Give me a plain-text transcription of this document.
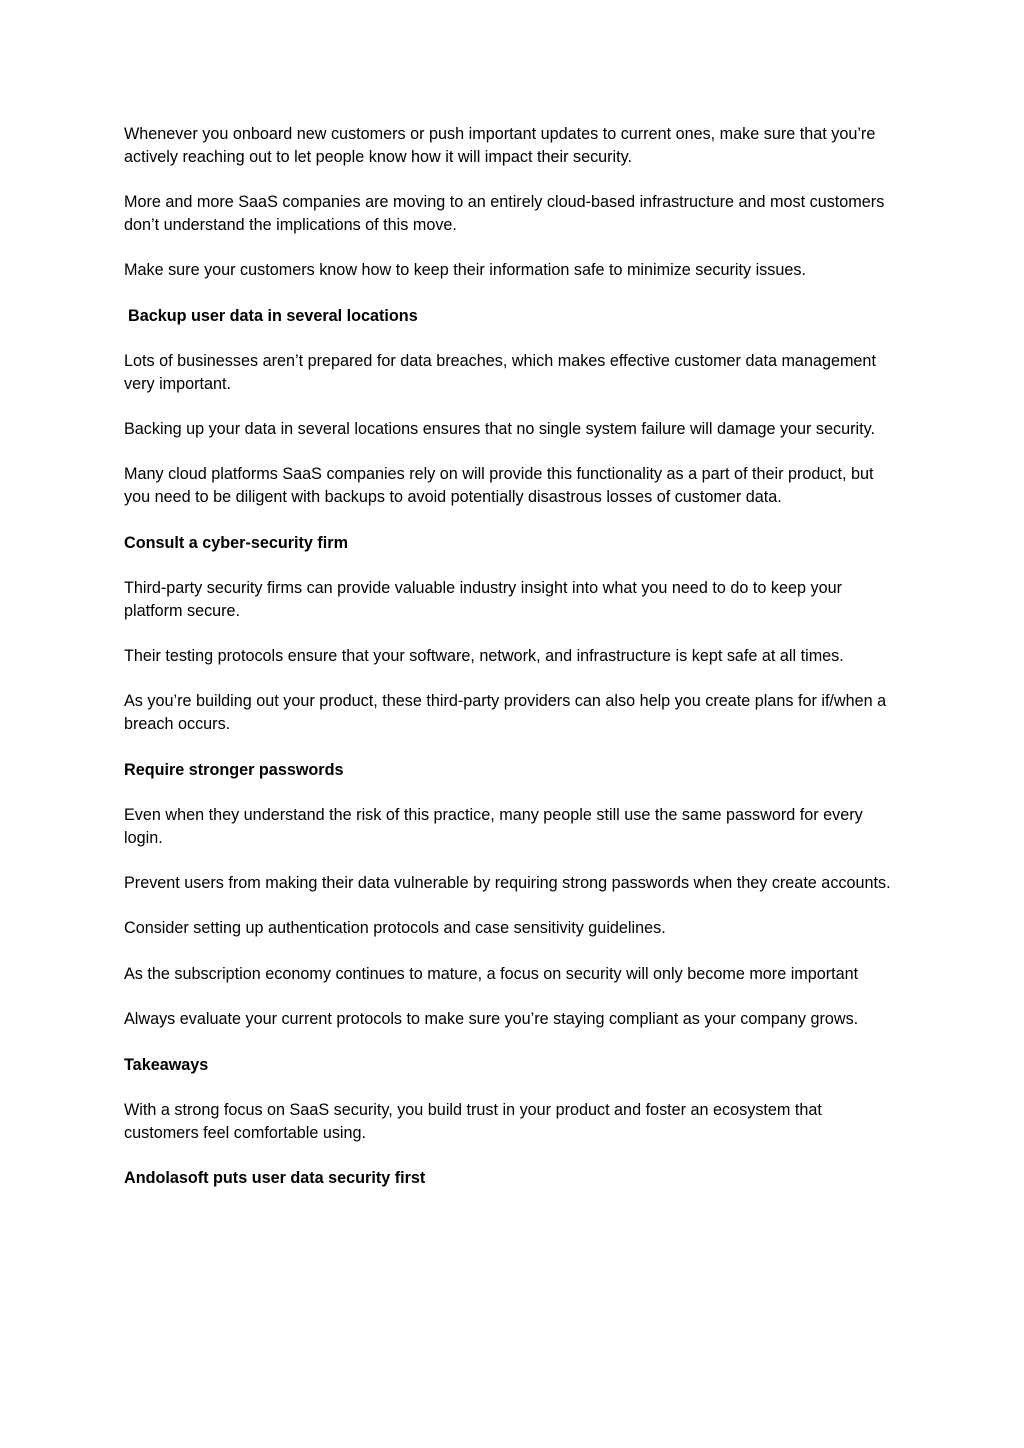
Whenever you onboard new customers or push important updates to current ones, make sure that you’re actively reaching out to let people know how it will impact their security.

More and more SaaS companies are moving to an entirely cloud-based infrastructure and most customers don’t understand the implications of this move.

Make sure your customers know how to keep their information safe to minimize security issues.

Backup user data in several locations

Lots of businesses aren’t prepared for data breaches, which makes effective customer data management very important.

Backing up your data in several locations ensures that no single system failure will damage your security.

Many cloud platforms SaaS companies rely on will provide this functionality as a part of their product, but you need to be diligent with backups to avoid potentially disastrous losses of customer data.

Consult a cyber-security firm

Third-party security firms can provide valuable industry insight into what you need to do to keep your platform secure.

Their testing protocols ensure that your software, network, and infrastructure is kept safe at all times.

As you’re building out your product, these third-party providers can also help you create plans for if/when a breach occurs.

Require stronger passwords

Even when they understand the risk of this practice, many people still use the same password for every login.

Prevent users from making their data vulnerable by requiring strong passwords when they create accounts.

Consider setting up authentication protocols and case sensitivity guidelines.

As the subscription economy continues to mature, a focus on security will only become more important

Always evaluate your current protocols to make sure you’re staying compliant as your company grows.

Takeaways

With a strong focus on SaaS security, you build trust in your product and foster an ecosystem that customers feel comfortable using.

Andolasoft puts user data security first
